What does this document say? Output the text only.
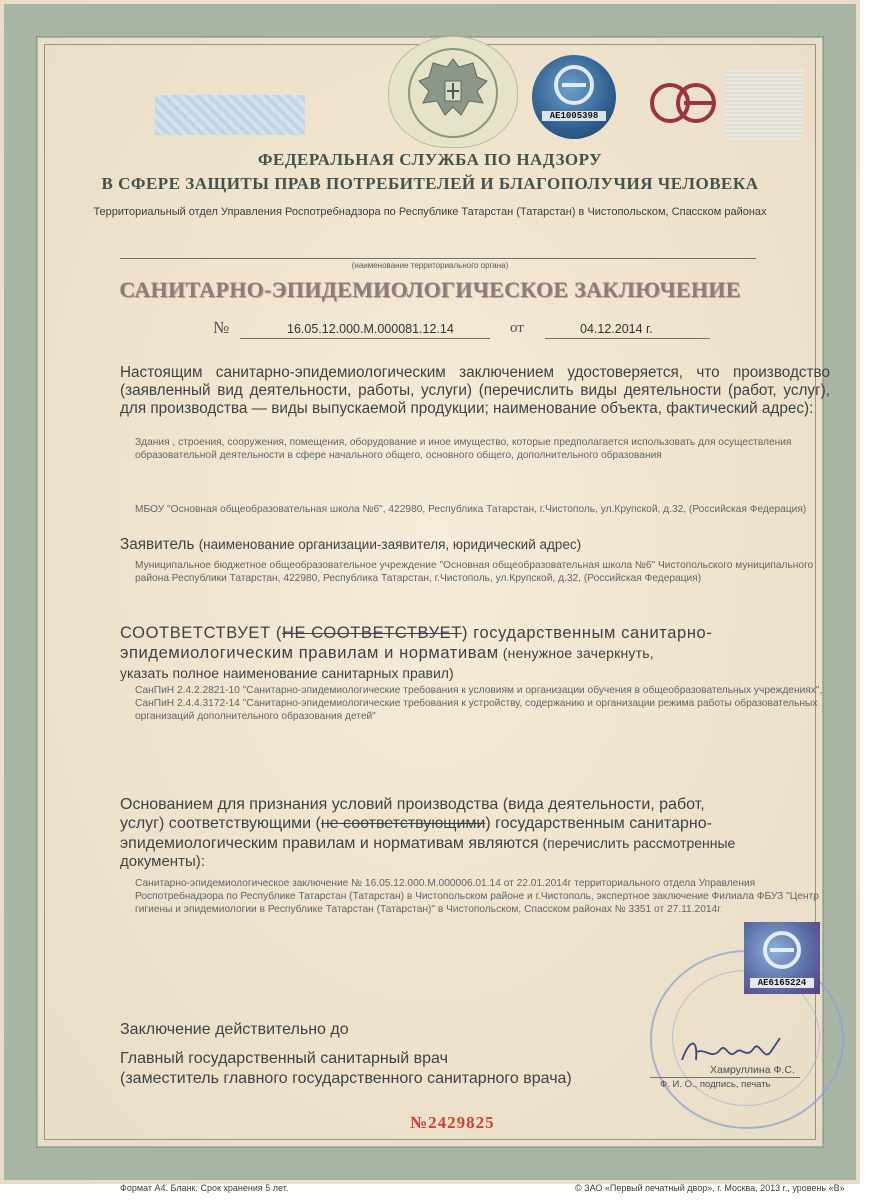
АЕ1005398
ФЕДЕРАЛЬНАЯ СЛУЖБА ПО НАДЗОРУ
В СФЕРЕ ЗАЩИТЫ ПРАВ ПОТРЕБИТЕЛЕЙ И БЛАГОПОЛУЧИЯ ЧЕЛОВЕКА
Территориальный отдел Управления Роспотребнадзора по Республике Татарстан (Татарстан) в Чистопольском, Спасском районах
(наименование территориального органа)
САНИТАРНО-ЭПИДЕМИОЛОГИЧЕСКОЕ ЗАКЛЮЧЕНИЕ
№	16.05.12.000.М.000081.12.14	от	04.12.2014 г.
Настоящим санитарно-эпидемиологическим заключением удостоверяется, что производство (заявленный вид деятельности, работы, услуги) (перечислить виды деятельности (работ, услуг), для производства — виды выпускаемой продукции; наименование объекта, фактический адрес):
Здания , строения, сооружения, помещения, оборудование и иное имущество, которые предполагается использовать для осуществления образовательной деятельности в сфере начального общего, основного общего, дополнительного образования
МБОУ "Основная общеобразовательная школа №6", 422980, Республика Татарстан, г.Чистополь, ул.Крупской, д.32, (Российская Федерация)
Заявитель (наименование организации-заявителя, юридический адрес)
Муниципальное бюджетное общеобразовательное учреждение "Основная общеобразовательная школа №6" Чистопольского муниципального района Республики Татарстан, 422980, Республика Татарстан, г.Чистополь, ул.Крупской, д.32, (Российская Федерация)
СООТВЕТСТВУЕТ (НЕ СООТВЕТСТВУЕТ) государственным санитарно-
эпидемиологическим правилам и нормативам (ненужное зачеркнуть,
указать полное наименование санитарных правил)
СанПиН 2.4.2.2821-10 "Санитарно-эпидемиологические требования к условиям и организации обучения в общеобразовательных учреждениях", СанПиН 2.4.4.3172-14 "Санитарно-эпидемиологические требования к устройству, содержанию и организации режима работы образовательных организаций дополнительного образования детей"
Основанием для признания условий производства (вида деятельности, работ,
услуг) соответствующими (не соответствующими) государственным санитарно-
эпидемиологическим правилам и нормативам являются (перечислить рассмотренные
документы):
Санитарно-эпидемиологическое заключение № 16.05.12.000.М.000006.01.14 от 22.01.2014г территориального отдела Управления Роспотребнадзора по Республике Татарстан (Татарстан) в Чистопольском районе и г.Чистополь, экспертное заключение Филиала ФБУЗ "Центр гигиены и эпидемиологии в Республике Татарстан (Татарстан)" в Чистопольском, Спасском районах № 3351 от 27.11.2014г
АЕ6165224
Заключение действительно до
Главный государственный санитарный врач
(заместитель главного государственного санитарного врача)	Хамруллина Ф.С.
Ф. И. О., подпись, печать
№2429825
Формат А4. Бланк. Срок хранения 5 лет.	© ЗАО «Первый печатный двор», г. Москва, 2013 г., уровень «В»
